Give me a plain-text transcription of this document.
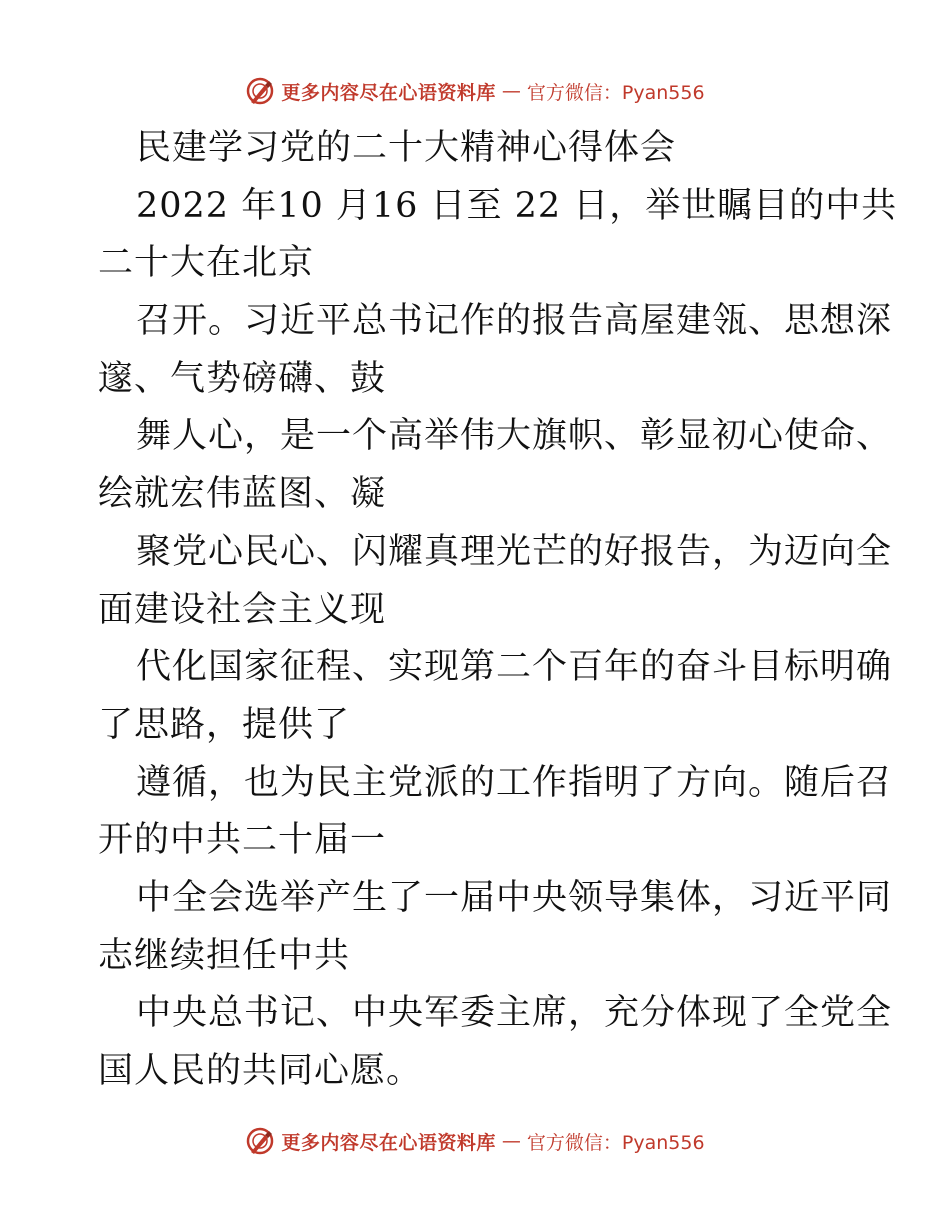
更多内容尽在心语资料库 — 官方微信：Pyan556
民建学习党的二十大精神心得体会
2022 年10 月16 日至 22 日，举世瞩目的中共
二十大在北京
召开。习近平总书记作的报告高屋建瓴、思想深
邃、气势磅礴、鼓
舞人心，是一个高举伟大旗帜、彰显初心使命、
绘就宏伟蓝图、凝
聚党心民心、闪耀真理光芒的好报告，为迈向全
面建设社会主义现
代化国家征程、实现第二个百年的奋斗目标明确
了思路，提供了
遵循，也为民主党派的工作指明了方向。随后召
开的中共二十届一
中全会选举产生了一届中央领导集体，习近平同
志继续担任中共
中央总书记、中央军委主席，充分体现了全党全
国人民的共同心愿。
更多内容尽在心语资料库 — 官方微信：Pyan556
